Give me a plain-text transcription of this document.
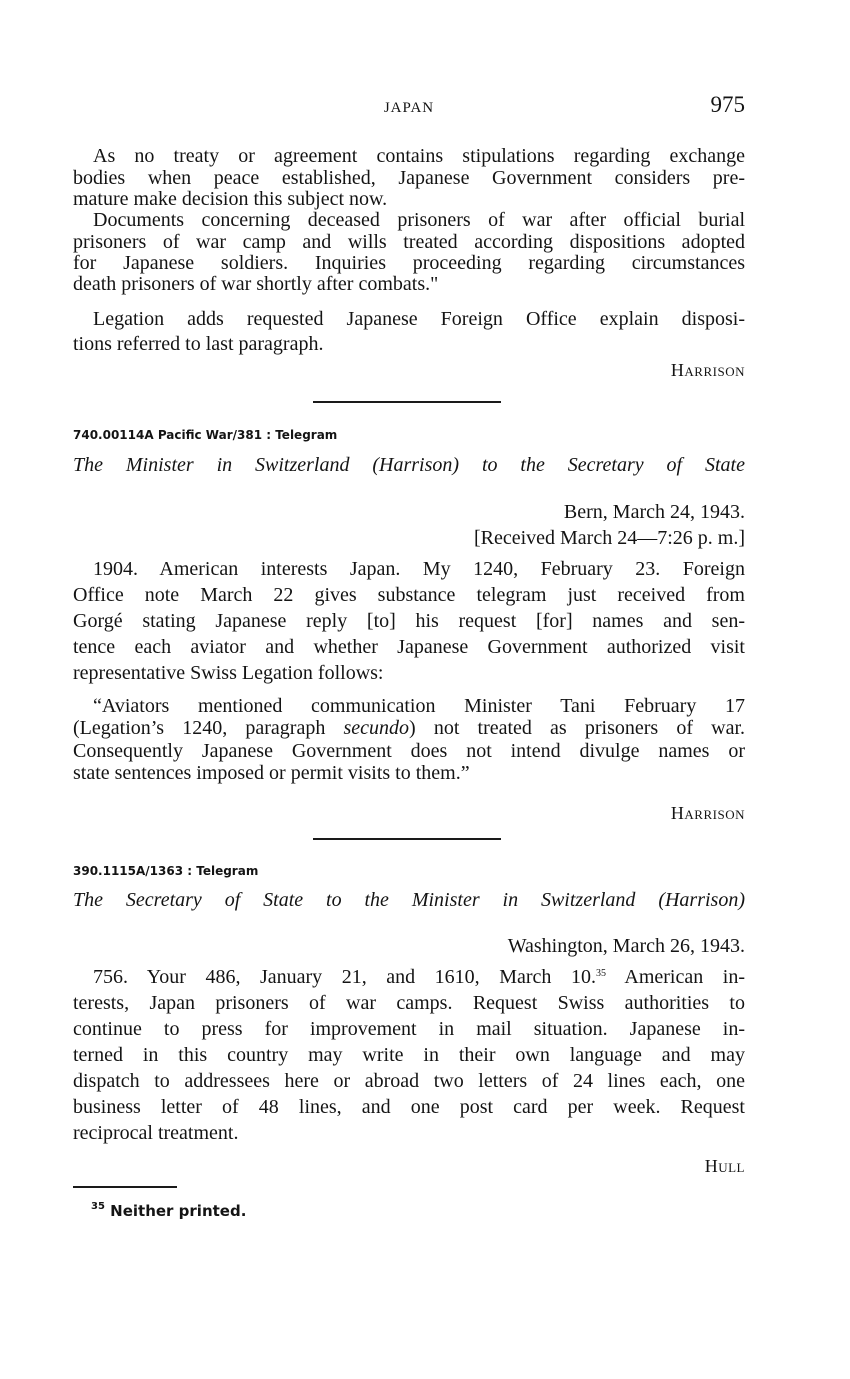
JAPAN	975
As no treaty or agreement contains stipulations regarding exchange
bodies when peace established, Japanese Government considers pre-
mature make decision this subject now.
Documents concerning deceased prisoners of war after official burial
prisoners of war camp and wills treated according dispositions adopted
for Japanese soldiers. Inquiries proceeding regarding circumstances
death prisoners of war shortly after combats."
Legation adds requested Japanese Foreign Office explain disposi-
tions referred to last paragraph.
Harrison
740.00114A Pacific War/381 : Telegram
The Minister in Switzerland (Harrison) to the Secretary of State
Bern, March 24, 1943.
[Received March 24—7:26 p. m.]
1904. American interests Japan. My 1240, February 23. Foreign
Office note March 22 gives substance telegram just received from
Gorgé stating Japanese reply [to] his request [for] names and sen-
tence each aviator and whether Japanese Government authorized visit
representative Swiss Legation follows:
“Aviators mentioned communication Minister Tani February 17
(Legation’s 1240, paragraph secundo) not treated as prisoners of war.
Consequently Japanese Government does not intend divulge names or
state sentences imposed or permit visits to them.”
Harrison
390.1115A/1363 : Telegram
The Secretary of State to the Minister in Switzerland (Harrison)
Washington, March 26, 1943.
756. Your 486, January 21, and 1610, March 10.35 American in-
terests, Japan prisoners of war camps. Request Swiss authorities to
continue to press for improvement in mail situation. Japanese in-
terned in this country may write in their own language and may
dispatch to addressees here or abroad two letters of 24 lines each, one
business letter of 48 lines, and one post card per week. Request
reciprocal treatment.
Hull
$^{35}$ Neither printed.
